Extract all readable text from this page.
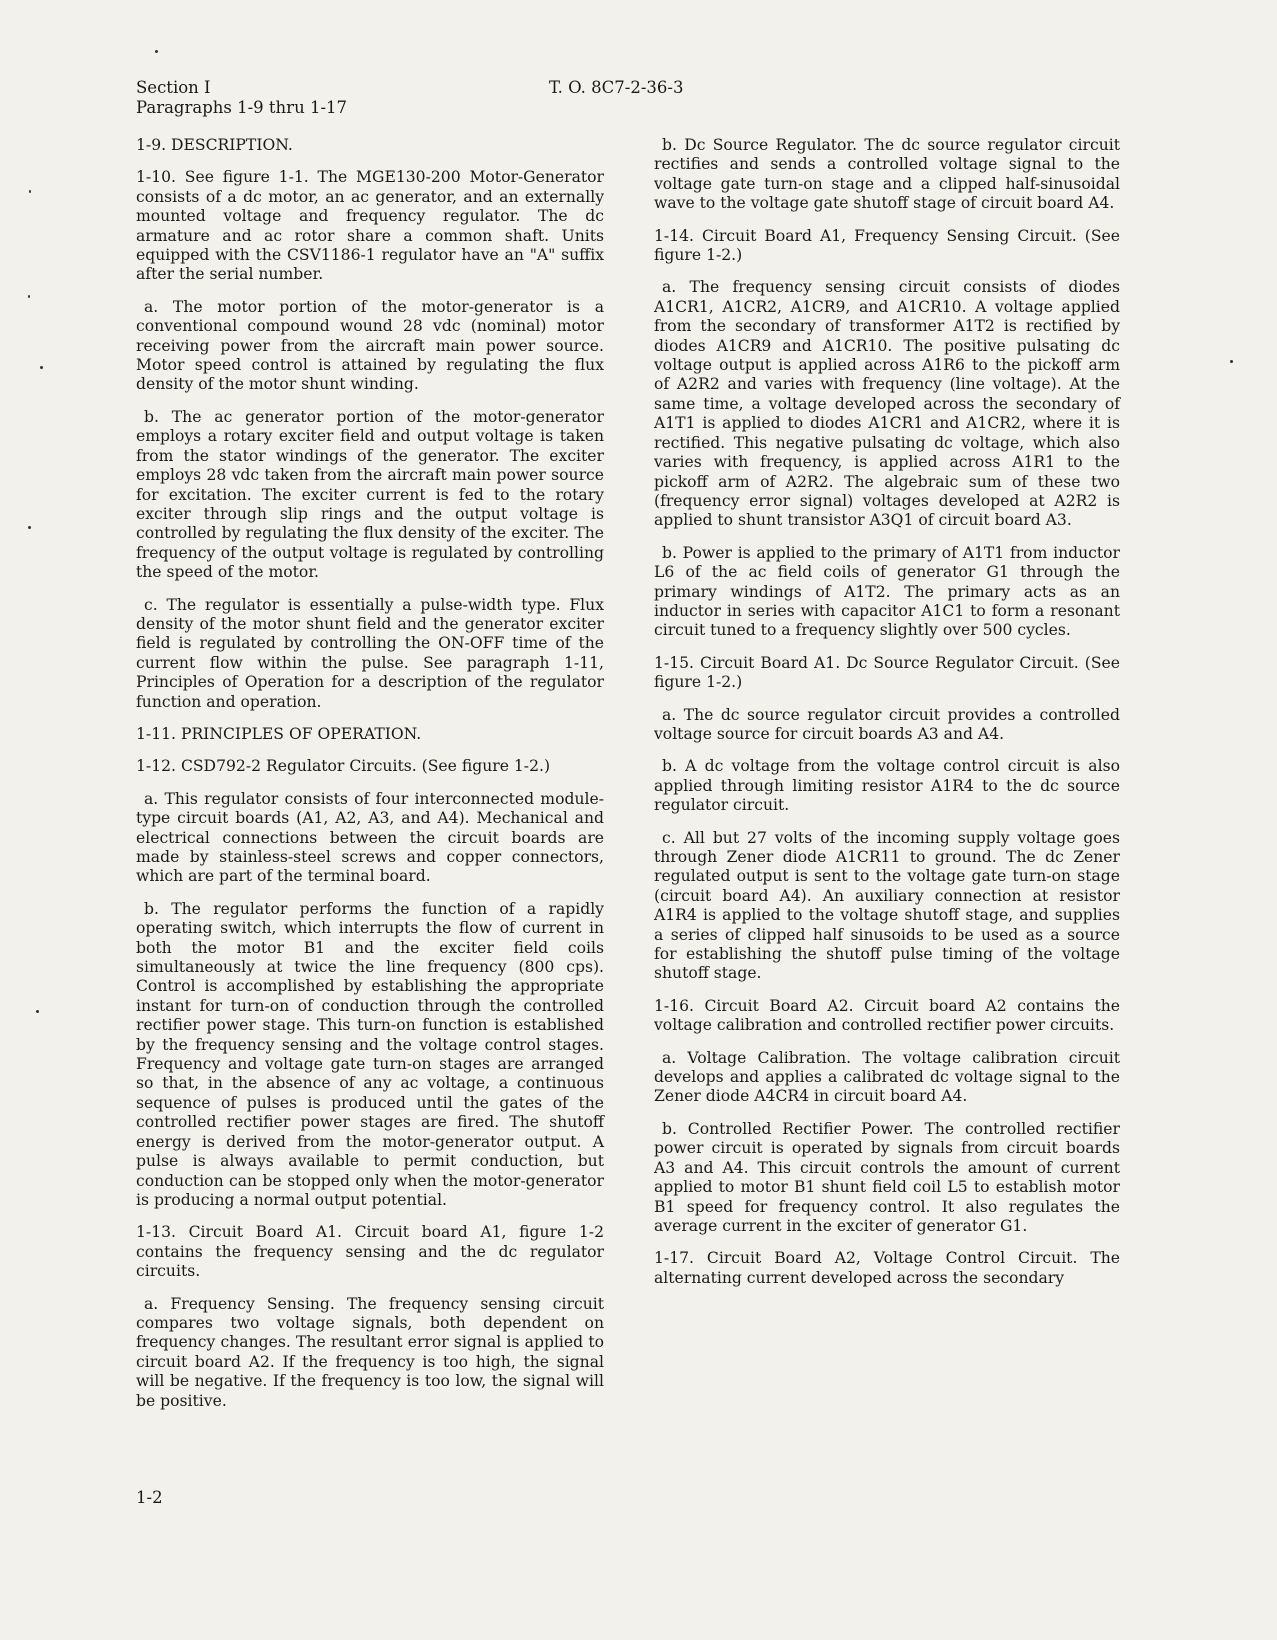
Section I
Paragraphs 1-9 thru 1-17
T. O. 8C7-2-36-3

1-9. DESCRIPTION.

1-10. See figure 1-1. The MGE130-200 Motor-Generator consists of a dc motor, an ac generator, and an externally mounted voltage and frequency regulator. The dc armature and ac rotor share a common shaft. Units equipped with the CSV1186-1 regulator have an "A" suffix after the serial number.

a. The motor portion of the motor-generator is a conventional compound wound 28 vdc (nominal) motor receiving power from the aircraft main power source. Motor speed control is attained by regulating the flux density of the motor shunt winding.

b. The ac generator portion of the motor-generator employs a rotary exciter field and output voltage is taken from the stator windings of the generator. The exciter employs 28 vdc taken from the aircraft main power source for excitation. The exciter current is fed to the rotary exciter through slip rings and the output voltage is controlled by regulating the flux density of the exciter. The frequency of the output voltage is regulated by controlling the speed of the motor.

c. The regulator is essentially a pulse-width type. Flux density of the motor shunt field and the generator exciter field is regulated by controlling the ON-OFF time of the current flow within the pulse. See paragraph 1-11, Principles of Operation for a description of the regulator function and operation.

1-11. PRINCIPLES OF OPERATION.

1-12. CSD792-2 Regulator Circuits. (See figure 1-2.)

a. This regulator consists of four interconnected module-type circuit boards (A1, A2, A3, and A4). Mechanical and electrical connections between the circuit boards are made by stainless-steel screws and copper connectors, which are part of the terminal board.

b. The regulator performs the function of a rapidly operating switch, which interrupts the flow of current in both the motor B1 and the exciter field coils simultaneously at twice the line frequency (800 cps). Control is accomplished by establishing the appropriate instant for turn-on of conduction through the controlled rectifier power stage. This turn-on function is established by the frequency sensing and the voltage control stages. Frequency and voltage gate turn-on stages are arranged so that, in the absence of any ac voltage, a continuous sequence of pulses is produced until the gates of the controlled rectifier power stages are fired. The shutoff energy is derived from the motor-generator output. A pulse is always available to permit conduction, but conduction can be stopped only when the motor-generator is producing a normal output potential.

1-13. Circuit Board A1. Circuit board A1, figure 1-2 contains the frequency sensing and the dc regulator circuits.

a. Frequency Sensing. The frequency sensing circuit compares two voltage signals, both dependent on frequency changes. The resultant error signal is applied to circuit board A2. If the frequency is too high, the signal will be negative. If the frequency is too low, the signal will be positive.

b. Dc Source Regulator. The dc source regulator circuit rectifies and sends a controlled voltage signal to the voltage gate turn-on stage and a clipped half-sinusoidal wave to the voltage gate shutoff stage of circuit board A4.

1-14. Circuit Board A1, Frequency Sensing Circuit. (See figure 1-2.)

a. The frequency sensing circuit consists of diodes A1CR1, A1CR2, A1CR9, and A1CR10. A voltage applied from the secondary of transformer A1T2 is rectified by diodes A1CR9 and A1CR10. The positive pulsating dc voltage output is applied across A1R6 to the pickoff arm of A2R2 and varies with frequency (line voltage). At the same time, a voltage developed across the secondary of A1T1 is applied to diodes A1CR1 and A1CR2, where it is rectified. This negative pulsating dc voltage, which also varies with frequency, is applied across A1R1 to the pickoff arm of A2R2. The algebraic sum of these two (frequency error signal) voltages developed at A2R2 is applied to shunt transistor A3Q1 of circuit board A3.

b. Power is applied to the primary of A1T1 from inductor L6 of the ac field coils of generator G1 through the primary windings of A1T2. The primary acts as an inductor in series with capacitor A1C1 to form a resonant circuit tuned to a frequency slightly over 500 cycles.

1-15. Circuit Board A1. Dc Source Regulator Circuit. (See figure 1-2.)

a. The dc source regulator circuit provides a controlled voltage source for circuit boards A3 and A4.

b. A dc voltage from the voltage control circuit is also applied through limiting resistor A1R4 to the dc source regulator circuit.

c. All but 27 volts of the incoming supply voltage goes through Zener diode A1CR11 to ground. The dc Zener regulated output is sent to the voltage gate turn-on stage (circuit board A4). An auxiliary connection at resistor A1R4 is applied to the voltage shutoff stage, and supplies a series of clipped half sinusoids to be used as a source for establishing the shutoff pulse timing of the voltage shutoff stage.

1-16. Circuit Board A2. Circuit board A2 contains the voltage calibration and controlled rectifier power circuits.

a. Voltage Calibration. The voltage calibration circuit develops and applies a calibrated dc voltage signal to the Zener diode A4CR4 in circuit board A4.

b. Controlled Rectifier Power. The controlled rectifier power circuit is operated by signals from circuit boards A3 and A4. This circuit controls the amount of current applied to motor B1 shunt field coil L5 to establish motor B1 speed for frequency control. It also regulates the average current in the exciter of generator G1.

1-17. Circuit Board A2, Voltage Control Circuit. The alternating current developed across the secondary

1-2
